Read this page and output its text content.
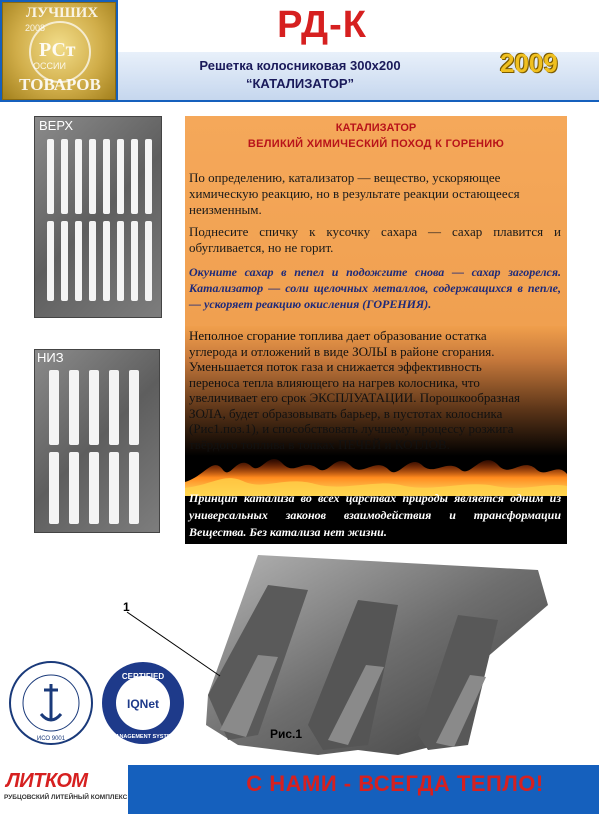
РД-К
Решетка колосниковая 300х200
“КАТАЛИЗАТОР”
2009
ЛУЧШИХ
2008
РСт
ОССИИ
ТОВАРОВ
ВЕРХ
НИЗ
КАТАЛИЗАТОР
ВЕЛИКИЙ ХИМИЧЕСКИЙ ПОХОД К ГОРЕНИЮ
По определению, катализатор — вещество, ускоряющее химическую реакцию, но в результате реакции остающееся неизменным.
Поднесите спичку к кусочку сахара — сахар плавится и обугливается, но не горит.
Окуните сахар в пепел и подожгите снова — сахар загорелся. Катализатор — соли щелочных металлов, содержащихся в пепле, — ускоряет реакцию окисления (ГОРЕНИЯ).
Неполное сгорание топлива дает образование остатка углерода и отложений в виде ЗОЛЫ в районе сгорания. Уменьшается поток газа и снижается эффективность переноса тепла влияющего на нагрев колосника, что увеличивает его срок ЭКСПЛУАТАЦИИ. Порошкообразная ЗОЛА, будет образовывать барьер, в пустотах колосника (Рис1.поз.1), и способствовать лучшему процессу розжига твёрдого топлива в топках ПЕЧЕЙ и КОТЛОВ.
Принцип катализа во всех царствах природы является одним из универсальных законов взаимодействия и трансформации Вещества. Без катализа нет жизни.
1
Рис.1
ИСО 9001
CERTIFIED
IQNet
MANAGEMENT SYSTEM
ЛИТКОМ
РУБЦОВСКИЙ ЛИТЕЙНЫЙ КОМПЛЕКС
С НАМИ - ВСЕГДА ТЕПЛО!
